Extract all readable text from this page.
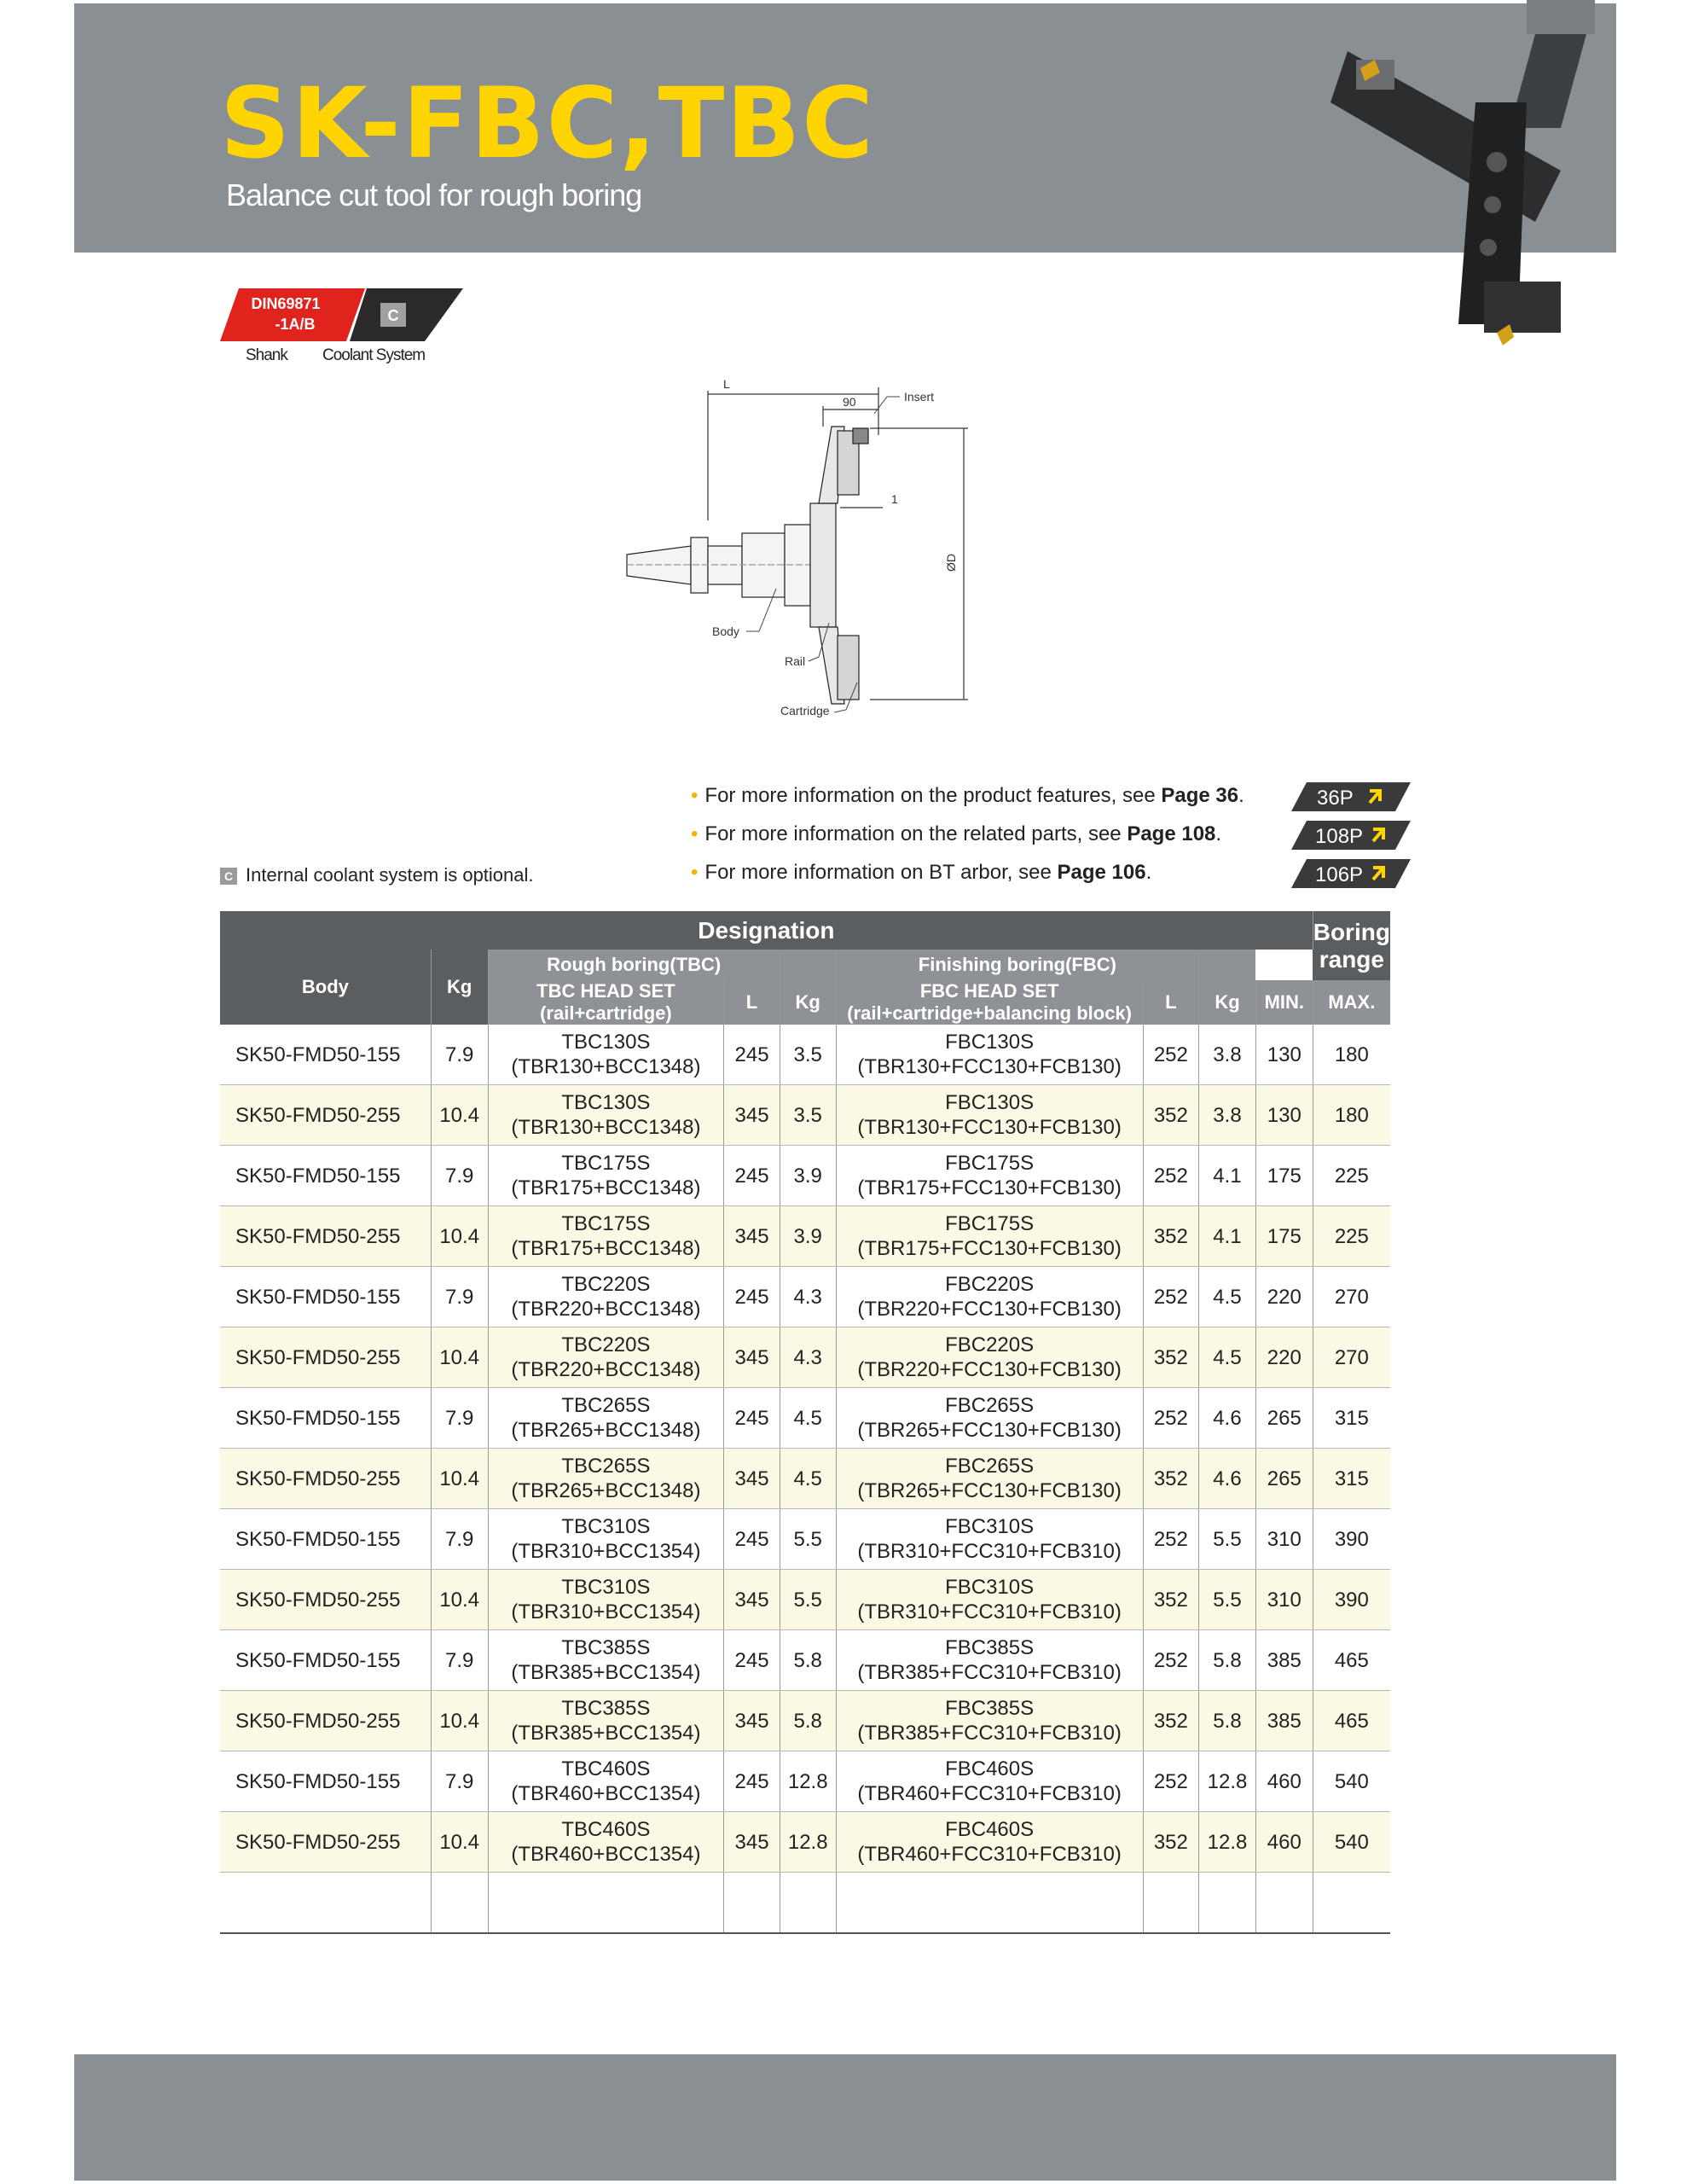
SK-FBC,TBC
Balance cut tool for rough boring
DIN69871
-1A/B	C
Shank Coolant System
L
90	Insert
1
ØD
Body
Rail
Cartridge
• For more information on the product features, see Page 36.
• For more information on the related parts, see Page 108.
• For more information on BT arbor, see Page 106.
36P
108P
106P
C Internal coolant system is optional.
Designation									Boring range
Body	Kg	Rough boring(TBC)			Finishing boring(FBC)				
		TBC HEAD SET
(rail+cartridge)	L	Kg	FBC HEAD SET
(rail+cartridge+balancing block)	L	Kg	MIN.	MAX.
SK50-FMD50-155	7.9	TBC130S
(TBR130+BCC1348)	245	3.5	FBC130S
(TBR130+FCC130+FCB130)	252	3.8	130	180
SK50-FMD50-255	10.4	TBC130S
(TBR130+BCC1348)	345	3.5	FBC130S
(TBR130+FCC130+FCB130)	352	3.8	130	180
SK50-FMD50-155	7.9	TBC175S
(TBR175+BCC1348)	245	3.9	FBC175S
(TBR175+FCC130+FCB130)	252	4.1	175	225
SK50-FMD50-255	10.4	TBC175S
(TBR175+BCC1348)	345	3.9	FBC175S
(TBR175+FCC130+FCB130)	352	4.1	175	225
SK50-FMD50-155	7.9	TBC220S
(TBR220+BCC1348)	245	4.3	FBC220S
(TBR220+FCC130+FCB130)	252	4.5	220	270
SK50-FMD50-255	10.4	TBC220S
(TBR220+BCC1348)	345	4.3	FBC220S
(TBR220+FCC130+FCB130)	352	4.5	220	270
SK50-FMD50-155	7.9	TBC265S
(TBR265+BCC1348)	245	4.5	FBC265S
(TBR265+FCC130+FCB130)	252	4.6	265	315
SK50-FMD50-255	10.4	TBC265S
(TBR265+BCC1348)	345	4.5	FBC265S
(TBR265+FCC130+FCB130)	352	4.6	265	315
SK50-FMD50-155	7.9	TBC310S
(TBR310+BCC1354)	245	5.5	FBC310S
(TBR310+FCC310+FCB310)	252	5.5	310	390
SK50-FMD50-255	10.4	TBC310S
(TBR310+BCC1354)	345	5.5	FBC310S
(TBR310+FCC310+FCB310)	352	5.5	310	390
SK50-FMD50-155	7.9	TBC385S
(TBR385+BCC1354)	245	5.8	FBC385S
(TBR385+FCC310+FCB310)	252	5.8	385	465
SK50-FMD50-255	10.4	TBC385S
(TBR385+BCC1354)	345	5.8	FBC385S
(TBR385+FCC310+FCB310)	352	5.8	385	465
SK50-FMD50-155	7.9	TBC460S
(TBR460+BCC1354)	245	12.8	FBC460S
(TBR460+FCC310+FCB310)	252	12.8	460	540
SK50-FMD50-255	10.4	TBC460S
(TBR460+BCC1354)	345	12.8	FBC460S
(TBR460+FCC310+FCB310)	352	12.8	460	540
